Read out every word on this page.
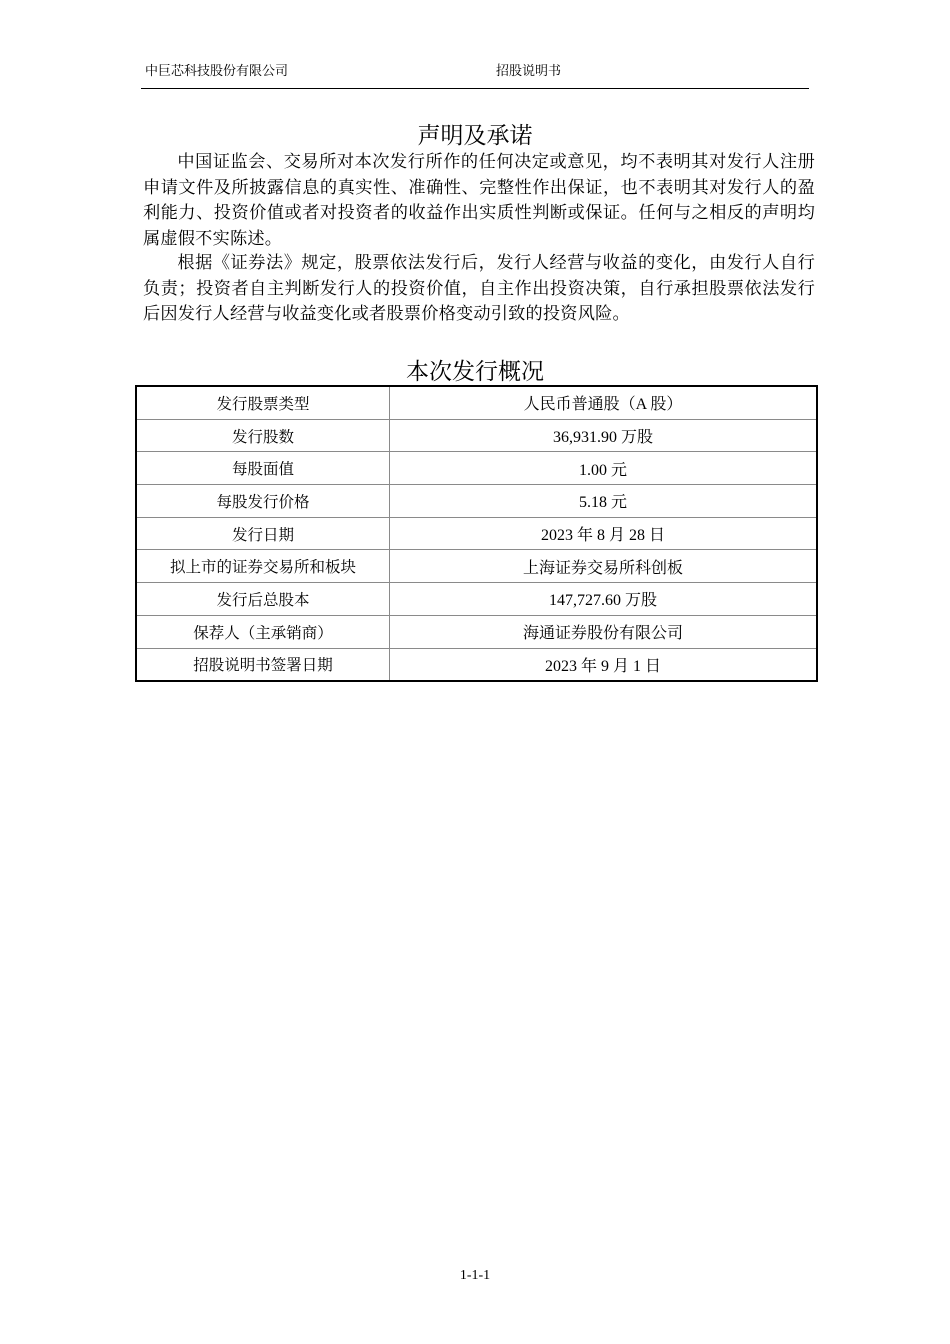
中巨芯科技股份有限公司	招股说明书
声明及承诺

中国证监会、交易所对本次发行所作的任何决定或意见，均不表明其对发行人注册申请文件及所披露信息的真实性、准确性、完整性作出保证，也不表明其对发行人的盈利能力、投资价值或者对投资者的收益作出实质性判断或保证。任何与之相反的声明均属虚假不实陈述。

根据《证券法》规定，股票依法发行后，发行人经营与收益的变化，由发行人自行负责；投资者自主判断发行人的投资价值，自主作出投资决策，自行承担股票依法发行后因发行人经营与收益变化或者股票价格变动引致的投资风险。

本次发行概况
发行股票类型	人民币普通股（A 股）
发行股数	36,931.90 万股
每股面值	1.00 元
每股发行价格	5.18 元
发行日期	2023 年 8 月 28 日
拟上市的证券交易所和板块	上海证券交易所科创板
发行后总股本	147,727.60 万股
保荐人（主承销商）	海通证券股份有限公司
招股说明书签署日期	2023 年 9 月 1 日
1-1-1
